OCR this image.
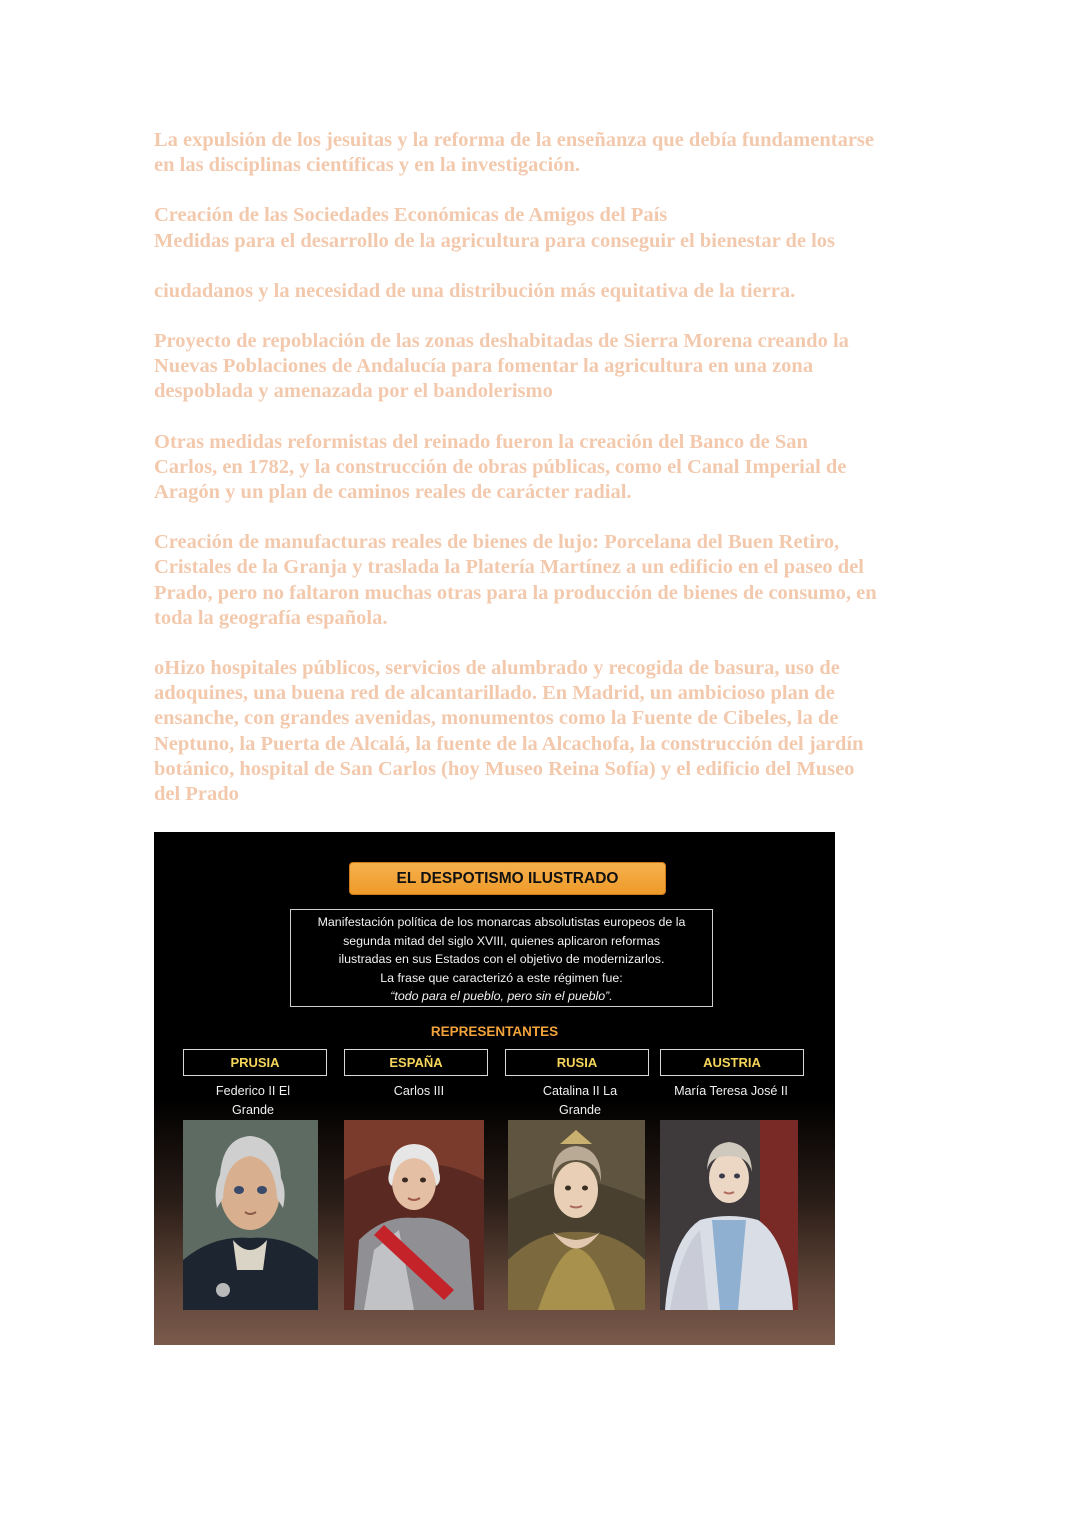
La expulsión de los jesuitas y la reforma de la enseñanza que debía fundamentarse
en las disciplinas científicas y en la investigación.

Creación de las Sociedades Económicas de Amigos del País
Medidas para el desarrollo de la agricultura para conseguir el bienestar de los
ciudadanos y la necesidad de una distribución más equitativa de la tierra.

Proyecto de repoblación de las zonas deshabitadas de Sierra Morena creando la
Nuevas Poblaciones de Andalucía para fomentar la agricultura en una zona
despoblada y amenazada por el bandolerismo

Otras medidas reformistas del reinado fueron la creación del Banco de San
Carlos, en 1782, y la construcción de obras públicas, como el Canal Imperial de
Aragón y un plan de caminos reales de carácter radial.

Creación de manufacturas reales de bienes de lujo: Porcelana del Buen Retiro,
Cristales de la Granja y traslada la Platería Martínez a un edificio en el paseo del
Prado, pero no faltaron muchas otras para la producción de bienes de consumo, en
toda la geografía española.

oHizo hospitales públicos, servicios de alumbrado y recogida de basura, uso de
adoquines, una buena red de alcantarillado. En Madrid, un ambicioso plan de
ensanche, con grandes avenidas, monumentos como la Fuente de Cibeles, la de
Neptuno, la Puerta de Alcalá, la fuente de la Alcachofa, la construcción del jardín
botánico, hospital de San Carlos (hoy Museo Reina Sofía) y el edificio del Museo
del Prado

EL DESPOTISMO ILUSTRADO
Manifestación política de los monarcas absolutistas europeos de la
segunda mitad del siglo XVIII, quienes aplicaron reformas
ilustradas en sus Estados con el objetivo de modernizarlos.
La frase que caracterizó a este régimen fue:
“todo para el pueblo, pero sin el pueblo”.
REPRESENTANTES
PRUSIA
Federico II El
Grande
ESPAÑA
Carlos III
RUSIA
Catalina II La
Grande
AUSTRIA
María Teresa José II
